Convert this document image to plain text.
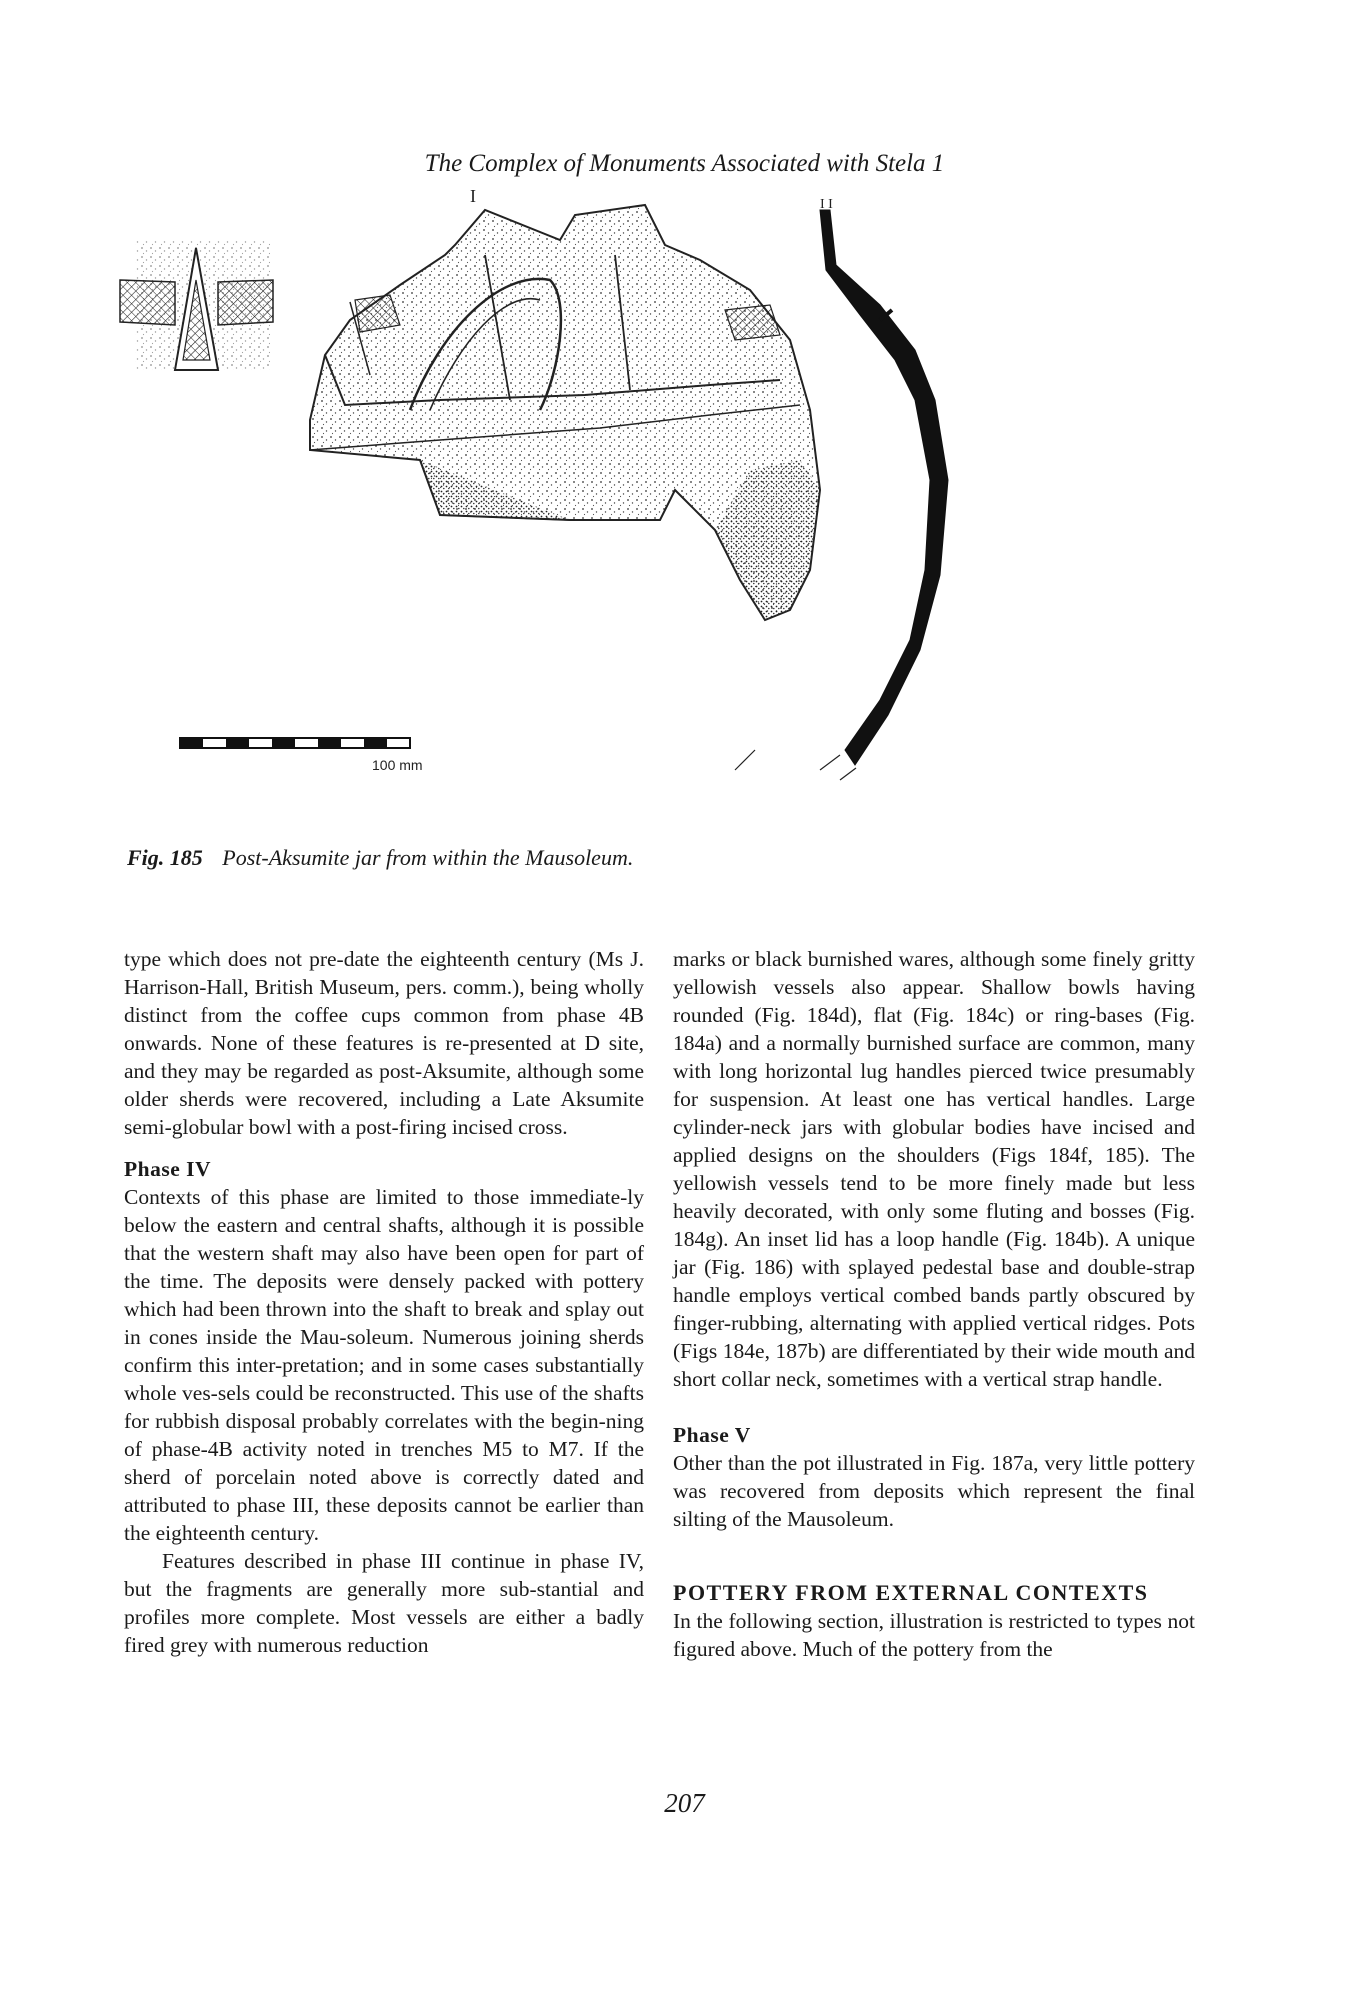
The Complex of Monuments Associated with Stela 1
I	I I
100 mm
Fig. 185 Post-Aksumite jar from within the Mausoleum.

type which does not pre-date the eighteenth century (Ms J. Harrison-Hall, British Museum, pers. comm.), being wholly distinct from the coffee cups common from phase 4B onwards. None of these features is re-presented at D site, and they may be regarded as post-Aksumite, although some older sherds were recovered, including a Late Aksumite semi-globular bowl with a post-firing incised cross.

Phase IV

Contexts of this phase are limited to those immediate-ly below the eastern and central shafts, although it is possible that the western shaft may also have been open for part of the time. The deposits were densely packed with pottery which had been thrown into the shaft to break and splay out in cones inside the Mau-soleum. Numerous joining sherds confirm this inter-pretation; and in some cases substantially whole ves-sels could be reconstructed. This use of the shafts for rubbish disposal probably correlates with the begin-ning of phase-4B activity noted in trenches M5 to M7. If the sherd of porcelain noted above is correctly dated and attributed to phase III, these deposits cannot be earlier than the eighteenth century.

Features described in phase III continue in phase IV, but the fragments are generally more sub-stantial and profiles more complete. Most vessels are either a badly fired grey with numerous reduction

marks or black burnished wares, although some finely gritty yellowish vessels also appear. Shallow bowls having rounded (Fig. 184d), flat (Fig. 184c) or ring-bases (Fig. 184a) and a normally burnished surface are common, many with long horizontal lug handles pierced twice presumably for suspension. At least one has vertical handles. Large cylinder-neck jars with globular bodies have incised and applied designs on the shoulders (Figs 184f, 185). The yellowish vessels tend to be more finely made but less heavily decorated, with only some fluting and bosses (Fig. 184g). An inset lid has a loop handle (Fig. 184b). A unique jar (Fig. 186) with splayed pedestal base and double-strap handle employs vertical combed bands partly obscured by finger-rubbing, alternating with applied vertical ridges. Pots (Figs 184e, 187b) are differentiated by their wide mouth and short collar neck, sometimes with a vertical strap handle.

Phase V

Other than the pot illustrated in Fig. 187a, very little pottery was recovered from deposits which represent the final silting of the Mausoleum.

POTTERY FROM EXTERNAL CONTEXTS

In the following section, illustration is restricted to types not figured above. Much of the pottery from the

207
